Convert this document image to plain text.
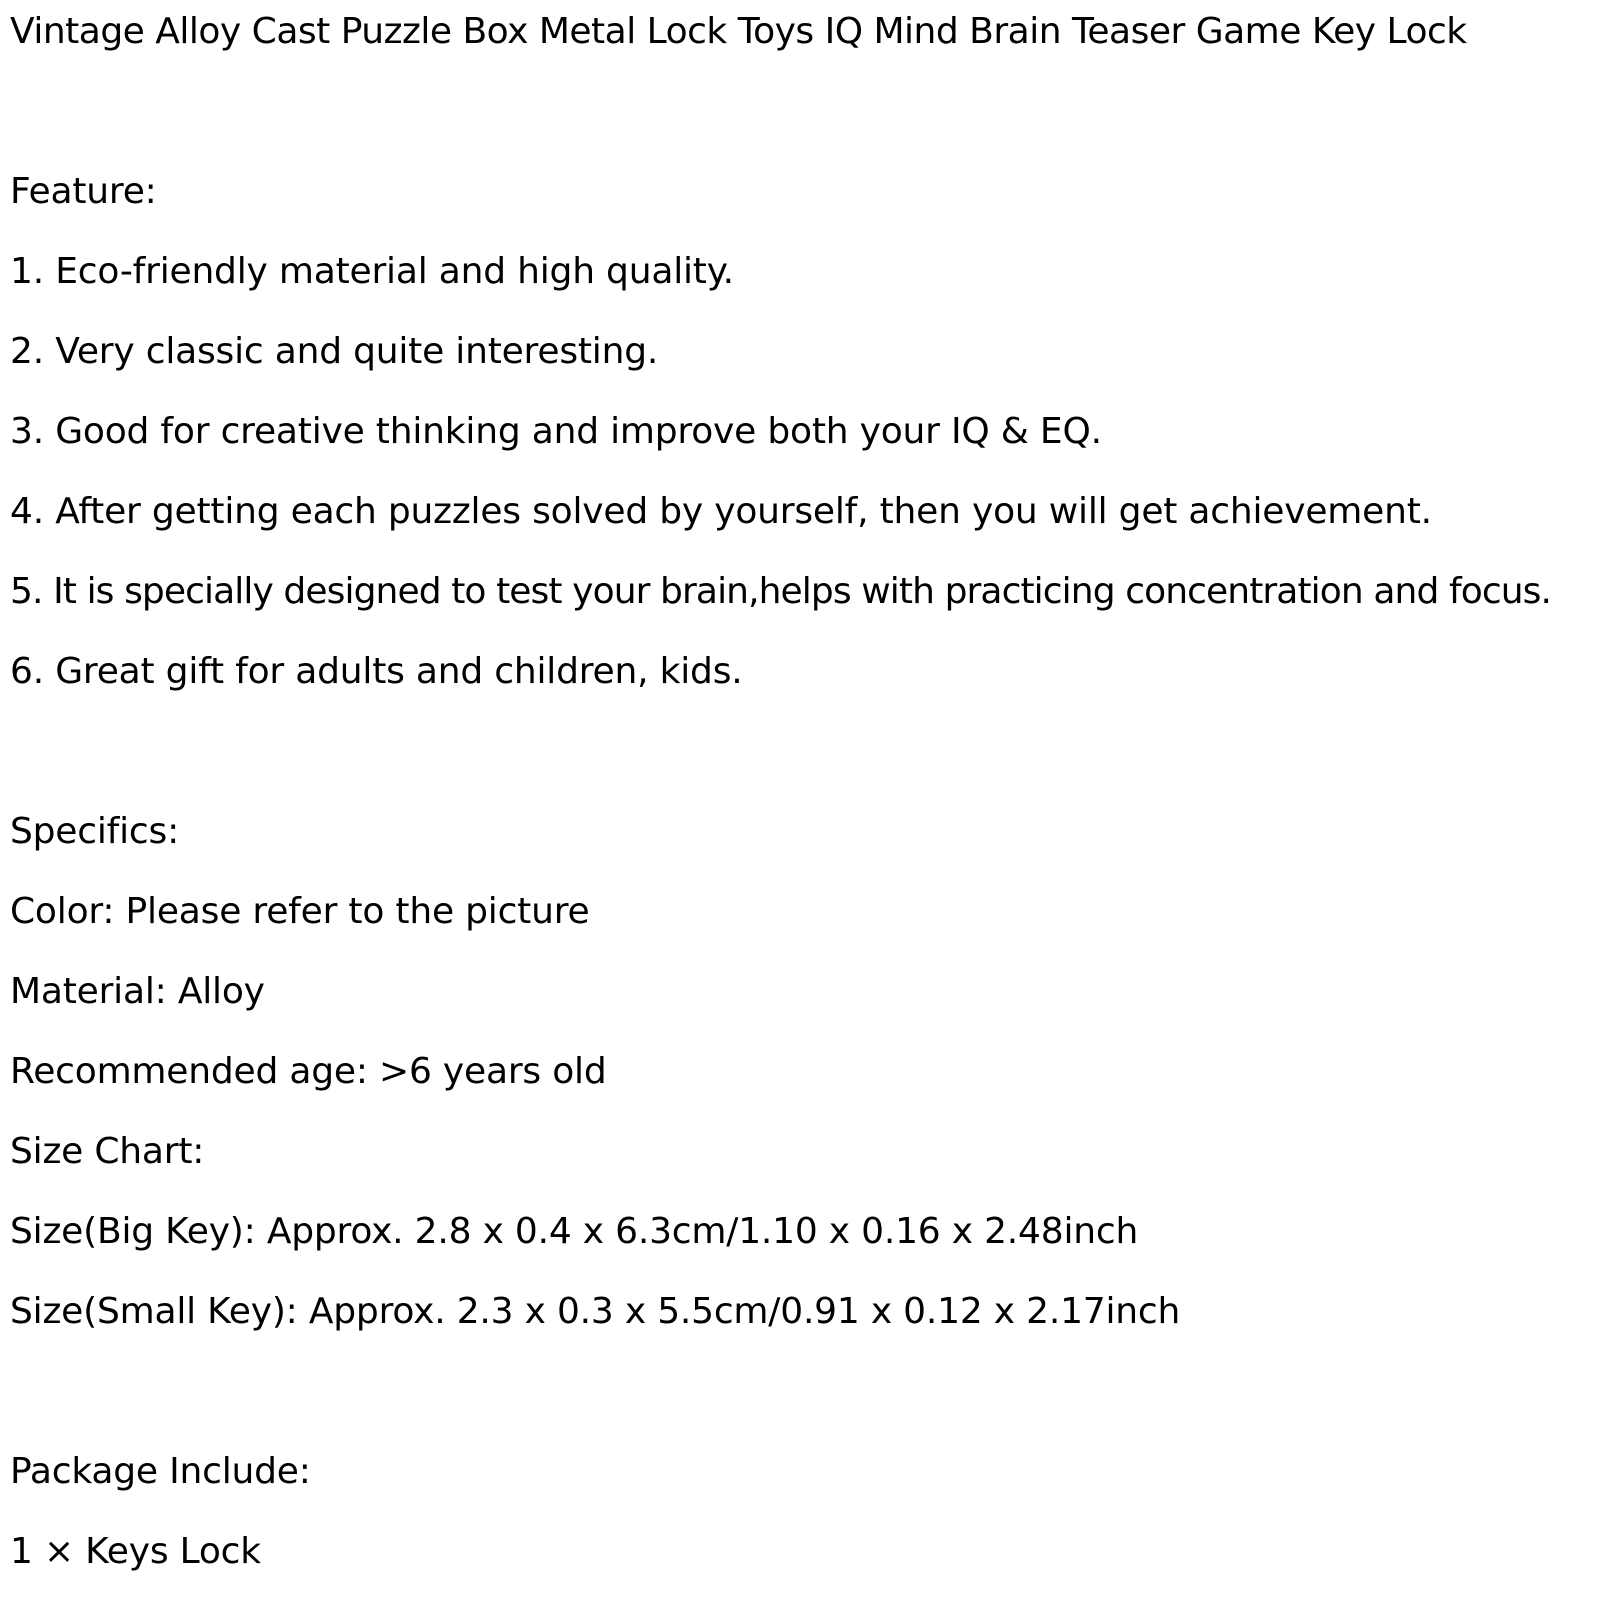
Vintage Alloy Cast Puzzle Box Metal Lock Toys IQ Mind Brain Teaser Game Key Lock
Feature:
1. Eco-friendly material and high quality.
2. Very classic and quite interesting.
3. Good for creative thinking and improve both your IQ & EQ.
4. After getting each puzzles solved by yourself, then you will get achievement.
5. It is specially designed to test your brain,helps with practicing concentration and focus.
6. Great gift for adults and children, kids.
Specifics:
Color: Please refer to the picture
Material: Alloy
Recommended age: >6 years old
Size Chart:
Size(Big Key): Approx. 2.8 x 0.4 x 6.3cm/1.10 x 0.16 x 2.48inch
Size(Small Key): Approx. 2.3 x 0.3 x 5.5cm/0.91 x 0.12 x 2.17inch
Package Include:
1 × Keys Lock
